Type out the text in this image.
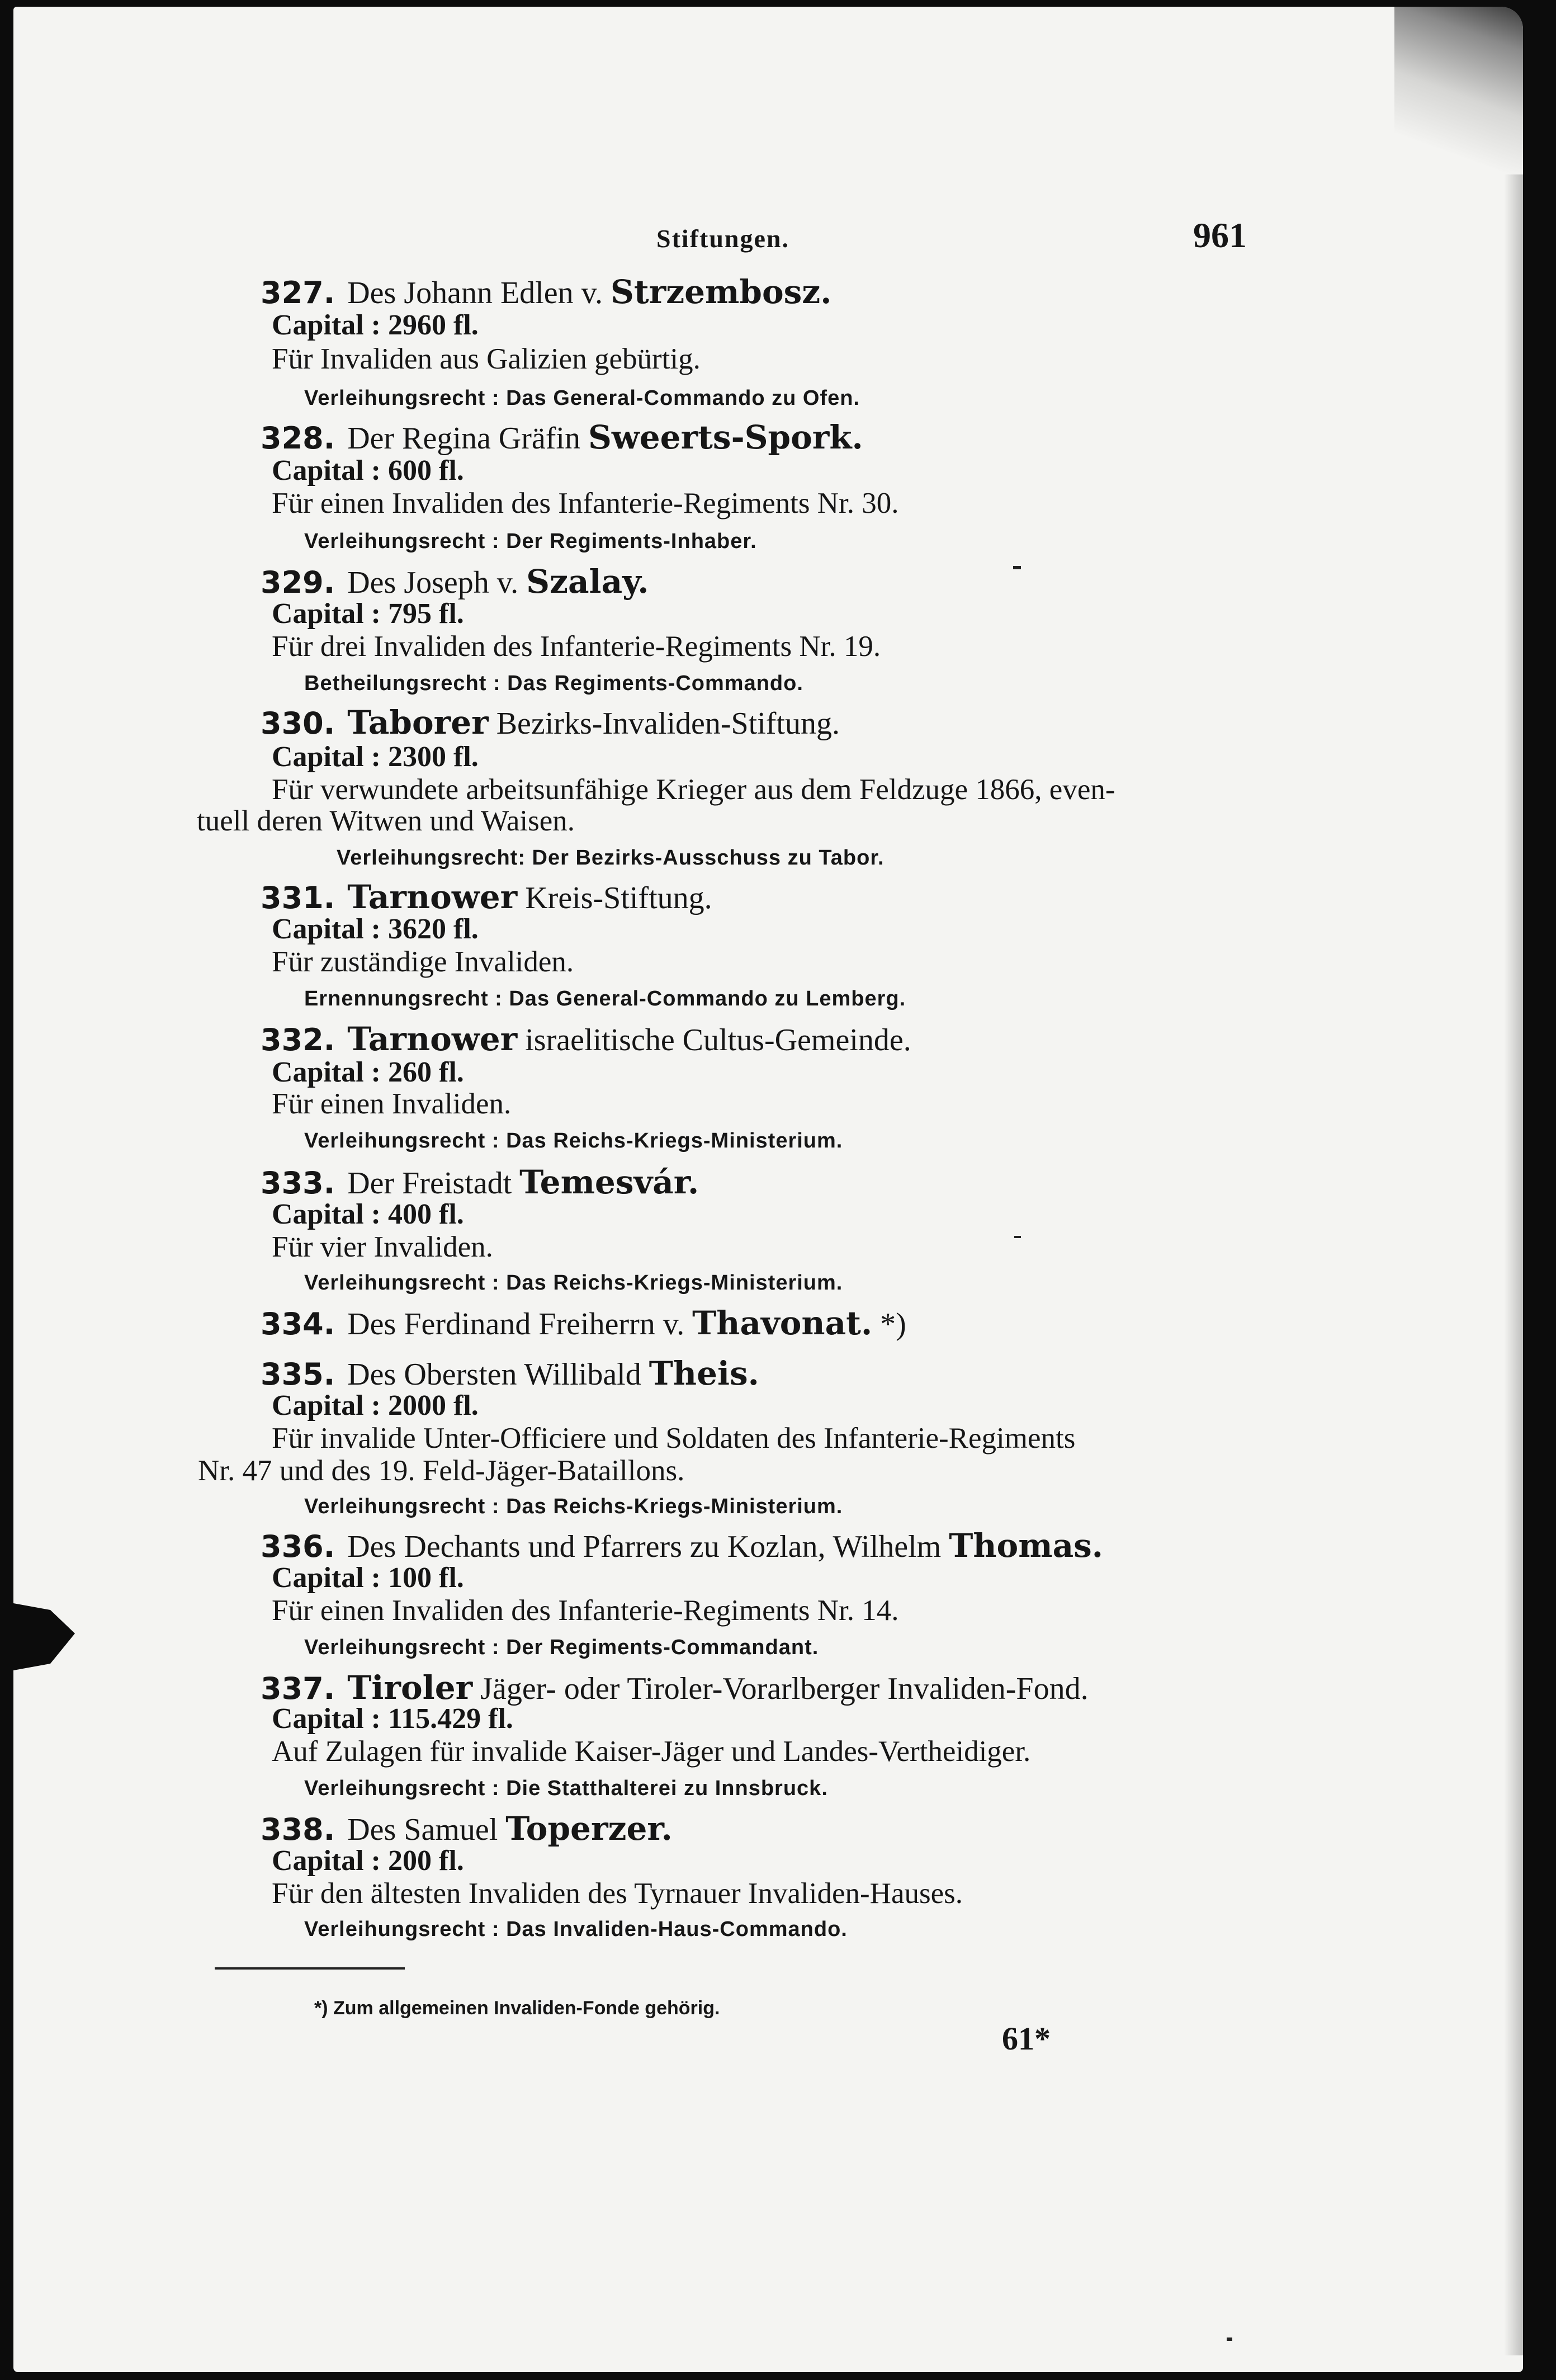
Stiftungen.	961
327. Des Johann Edlen v. Strzembosz.
Capital : 2960 fl.
Für Invaliden aus Galizien gebürtig.
Verleihungsrecht : Das General-Commando zu Ofen.
328. Der Regina Gräfin Sweerts-Spork.
Capital : 600 fl.
Für einen Invaliden des Infanterie-Regiments Nr. 30.
Verleihungsrecht : Der Regiments-Inhaber.
329. Des Joseph v. Szalay.
Capital : 795 fl.
Für drei Invaliden des Infanterie-Regiments Nr. 19.
Betheilungsrecht : Das Regiments-Commando.
330. Taborer Bezirks-Invaliden-Stiftung.
Capital : 2300 fl.
Für verwundete arbeitsunfähige Krieger aus dem Feldzuge 1866, even-
tuell deren Witwen und Waisen.
Verleihungsrecht: Der Bezirks-Ausschuss zu Tabor.
331. Tarnower Kreis-Stiftung.
Capital : 3620 fl.
Für zuständige Invaliden.
Ernennungsrecht : Das General-Commando zu Lemberg.
332. Tarnower israelitische Cultus-Gemeinde.
Capital : 260 fl.
Für einen Invaliden.
Verleihungsrecht : Das Reichs-Kriegs-Ministerium.
333. Der Freistadt Temesvár.
Capital : 400 fl.
Für vier Invaliden.
Verleihungsrecht : Das Reichs-Kriegs-Ministerium.
334. Des Ferdinand Freiherrn v. Thavonat. *)
335. Des Obersten Willibald Theis.
Capital : 2000 fl.
Für invalide Unter-Officiere und Soldaten des Infanterie-Regiments
Nr. 47 und des 19. Feld-Jäger-Bataillons.
Verleihungsrecht : Das Reichs-Kriegs-Ministerium.
336. Des Dechants und Pfarrers zu Kozlan, Wilhelm Thomas.
Capital : 100 fl.
Für einen Invaliden des Infanterie-Regiments Nr. 14.
Verleihungsrecht : Der Regiments-Commandant.
337. Tiroler Jäger- oder Tiroler-Vorarlberger Invaliden-Fond.
Capital : 115.429 fl.
Auf Zulagen für invalide Kaiser-Jäger und Landes-Vertheidiger.
Verleihungsrecht : Die Statthalterei zu Innsbruck.
338. Des Samuel Toperzer.
Capital : 200 fl.
Für den ältesten Invaliden des Tyrnauer Invaliden-Hauses.
Verleihungsrecht : Das Invaliden-Haus-Commando.
*) Zum allgemeinen Invaliden-Fonde gehörig.
61*
